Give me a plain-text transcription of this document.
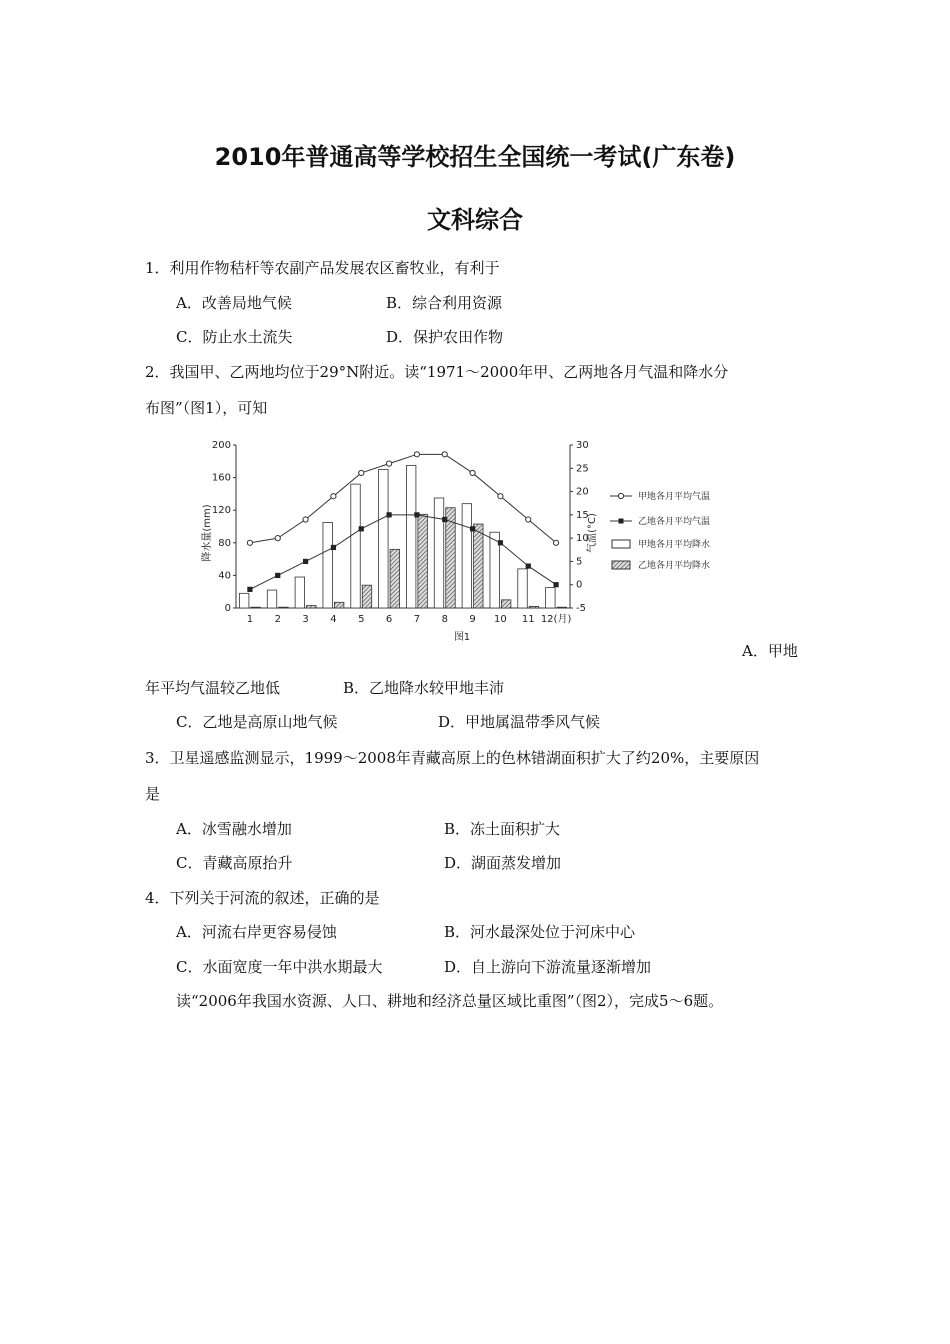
2010年普通高等学校招生全国统一考试(广东卷)
文科综合
1．利用作物秸杆等农副产品发展农区畜牧业，有利于
A．改善局地气候	B．综合利用资源
C．防止水土流失	D．保护农田作物
2．我国甲、乙两地均位于29°N附近。读“1971～2000年甲、乙两地各月气温和降水分
布图”（图1），可知
0
40
80
120
160
200
-5
0
5
10
15
20
25
30
降水量(mm)	气温(°C)
1 2 3 4 5 6 7 8 9 10 11 12(月)
甲地各月平均气温
乙地各月平均气温
甲地各月平均降水
乙地各月平均降水
图1
A．甲地
年平均气温较乙地低	B．乙地降水较甲地丰沛
C．乙地是高原山地气候	D．甲地属温带季风气候
3．卫星遥感监测显示，1999～2008年青藏高原上的色林错湖面积扩大了约20%，主要原因
是
A．冰雪融水增加	B．冻土面积扩大
C．青藏高原抬升	D．湖面蒸发增加
4．下列关于河流的叙述，正确的是
A．河流右岸更容易侵蚀	B．河水最深处位于河床中心
C．水面宽度一年中洪水期最大	D．自上游向下游流量逐渐增加
读“2006年我国水资源、人口、耕地和经济总量区域比重图”（图2），完成5～6题。
